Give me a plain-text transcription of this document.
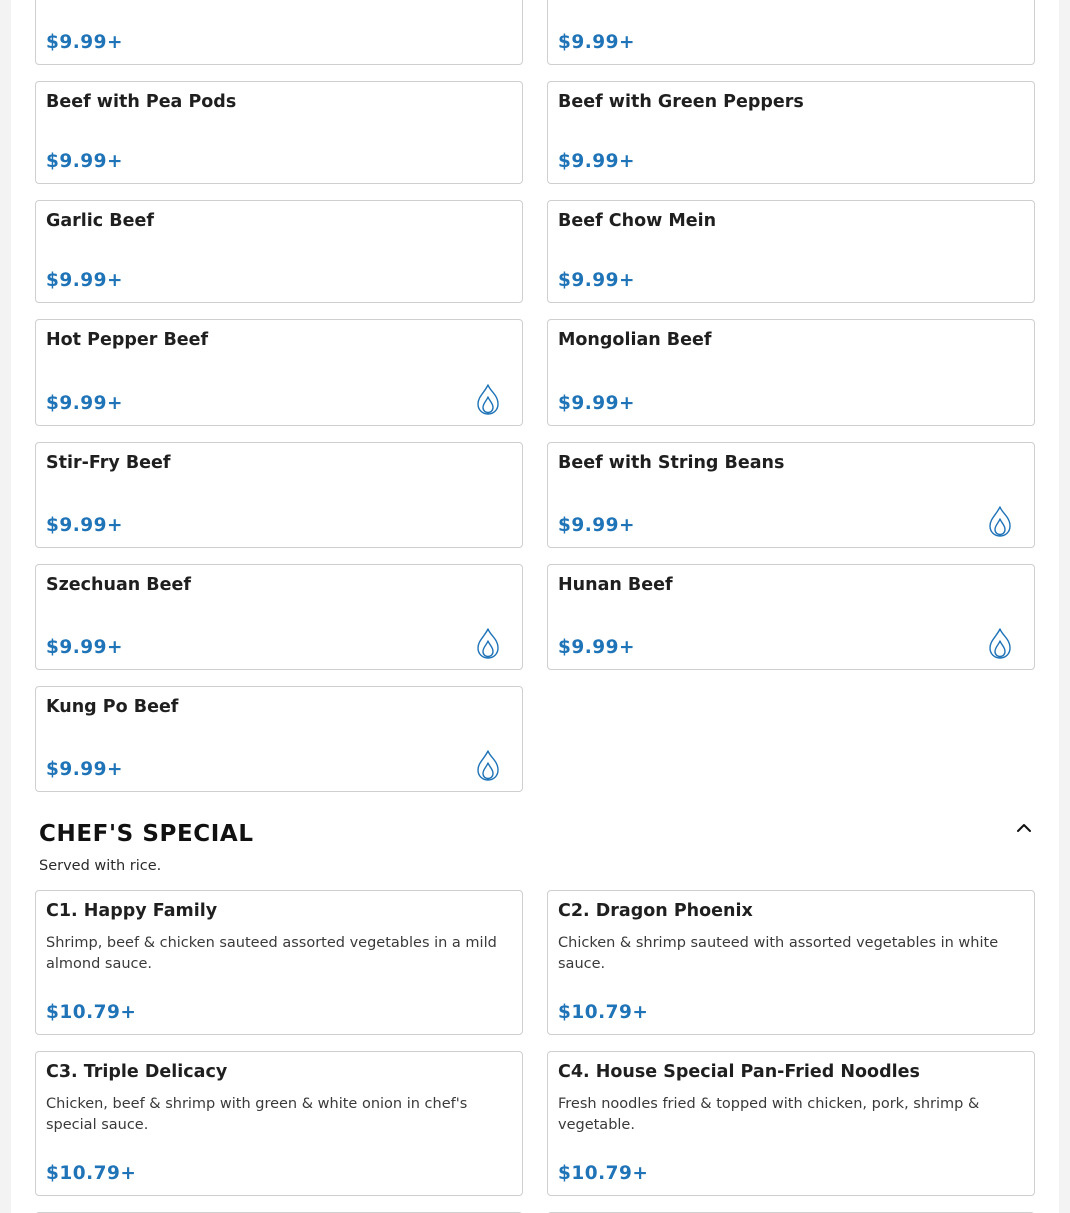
$9.99+	$9.99+
Beef with Pea Pods
$9.99+
Beef with Green Peppers
$9.99+
Garlic Beef
$9.99+
Beef Chow Mein
$9.99+
Hot Pepper Beef
$9.99+
Mongolian Beef
$9.99+
Stir-Fry Beef
$9.99+
Beef with String Beans
$9.99+
Szechuan Beef
$9.99+
Hunan Beef
$9.99+
Kung Po Beef
$9.99+
CHEF'S SPECIAL
Served with rice.
C1. Happy Family
Shrimp, beef & chicken sauteed assorted vegetables in a mild almond sauce.
$10.79+
C2. Dragon Phoenix
Chicken & shrimp sauteed with assorted vegetables in white sauce.
$10.79+
C3. Triple Delicacy
Chicken, beef & shrimp with green & white onion in chef's special sauce.
$10.79+
C4. House Special Pan-Fried Noodles
Fresh noodles fried & topped with chicken, pork, shrimp & vegetable.
$10.79+
